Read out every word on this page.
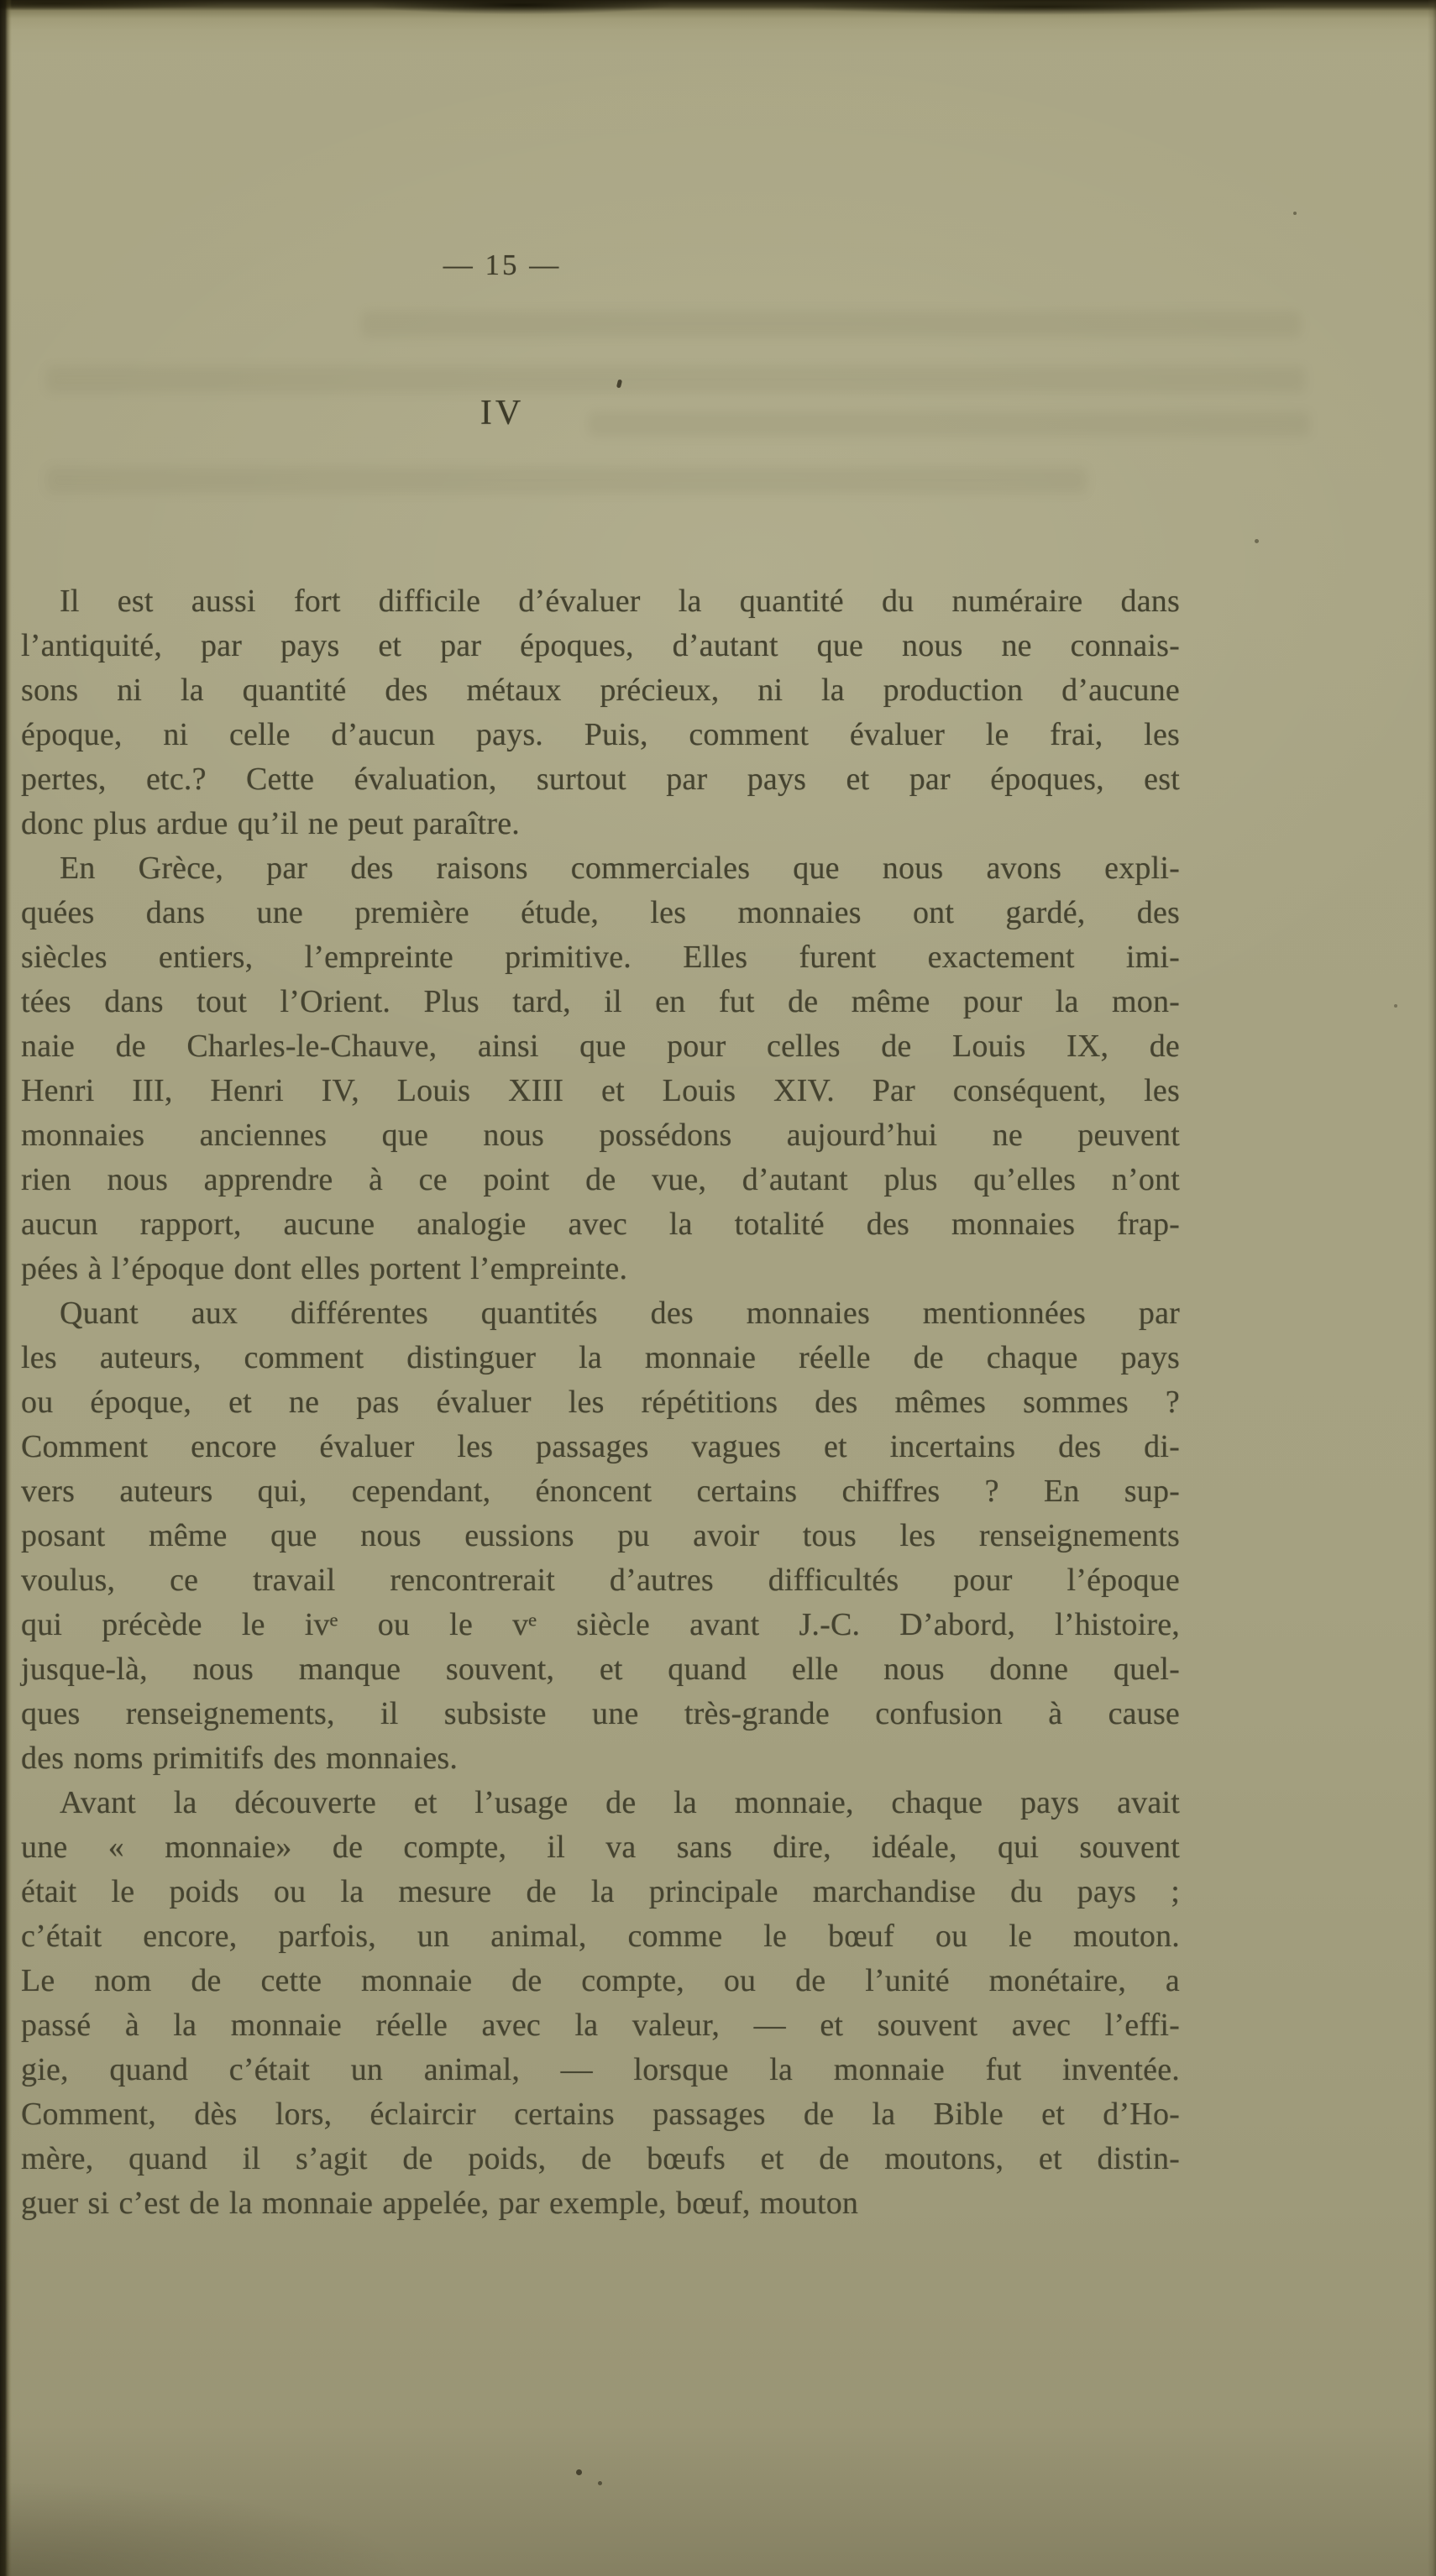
— 15 —
IV
Il est aussi fort difficile d’évaluer la quantité du numéraire dans
l’antiquité, par pays et par époques, d’autant que nous ne connais-
sons ni la quantité des métaux précieux, ni la production d’aucune
époque, ni celle d’aucun pays. Puis, comment évaluer le frai, les
pertes, etc.? Cette évaluation, surtout par pays et par époques, est
donc plus ardue qu’il ne peut paraître.
En Grèce, par des raisons commerciales que nous avons expli-
quées dans une première étude, les monnaies ont gardé, des
siècles entiers, l’empreinte primitive. Elles furent exactement imi-
tées dans tout l’Orient. Plus tard, il en fut de même pour la mon-
naie de Charles-le-Chauve, ainsi que pour celles de Louis IX, de
Henri III, Henri IV, Louis XIII et Louis XIV. Par conséquent, les
monnaies anciennes que nous possédons aujourd’hui ne peuvent
rien nous apprendre à ce point de vue, d’autant plus qu’elles n’ont
aucun rapport, aucune analogie avec la totalité des monnaies frap-
pées à l’époque dont elles portent l’empreinte.
Quant aux différentes quantités des monnaies mentionnées par
les auteurs, comment distinguer la monnaie réelle de chaque pays
ou époque, et ne pas évaluer les répétitions des mêmes sommes ?
Comment encore évaluer les passages vagues et incertains des di-
vers auteurs qui, cependant, énoncent certains chiffres ? En sup-
posant même que nous eussions pu avoir tous les renseignements
voulus, ce travail rencontrerait d’autres difficultés pour l’époque
qui précède le ivᵉ ou le vᵉ siècle avant J.-C. D’abord, l’histoire,
jusque-là, nous manque souvent, et quand elle nous donne quel-
ques renseignements, il subsiste une très-grande confusion à cause
des noms primitifs des monnaies.
Avant la découverte et l’usage de la monnaie, chaque pays avait
une « monnaie» de compte, il va sans dire, idéale, qui souvent
était le poids ou la mesure de la principale marchandise du pays ;
c’était encore, parfois, un animal, comme le bœuf ou le mouton.
Le nom de cette monnaie de compte, ou de l’unité monétaire, a
passé à la monnaie réelle avec la valeur, — et souvent avec l’effi-
gie, quand c’était un animal, — lorsque la monnaie fut inventée.
Comment, dès lors, éclaircir certains passages de la Bible et d’Ho-
mère, quand il s’agit de poids, de bœufs et de moutons, et distin-
guer si c’est de la monnaie appelée, par exemple, bœuf, mouton
